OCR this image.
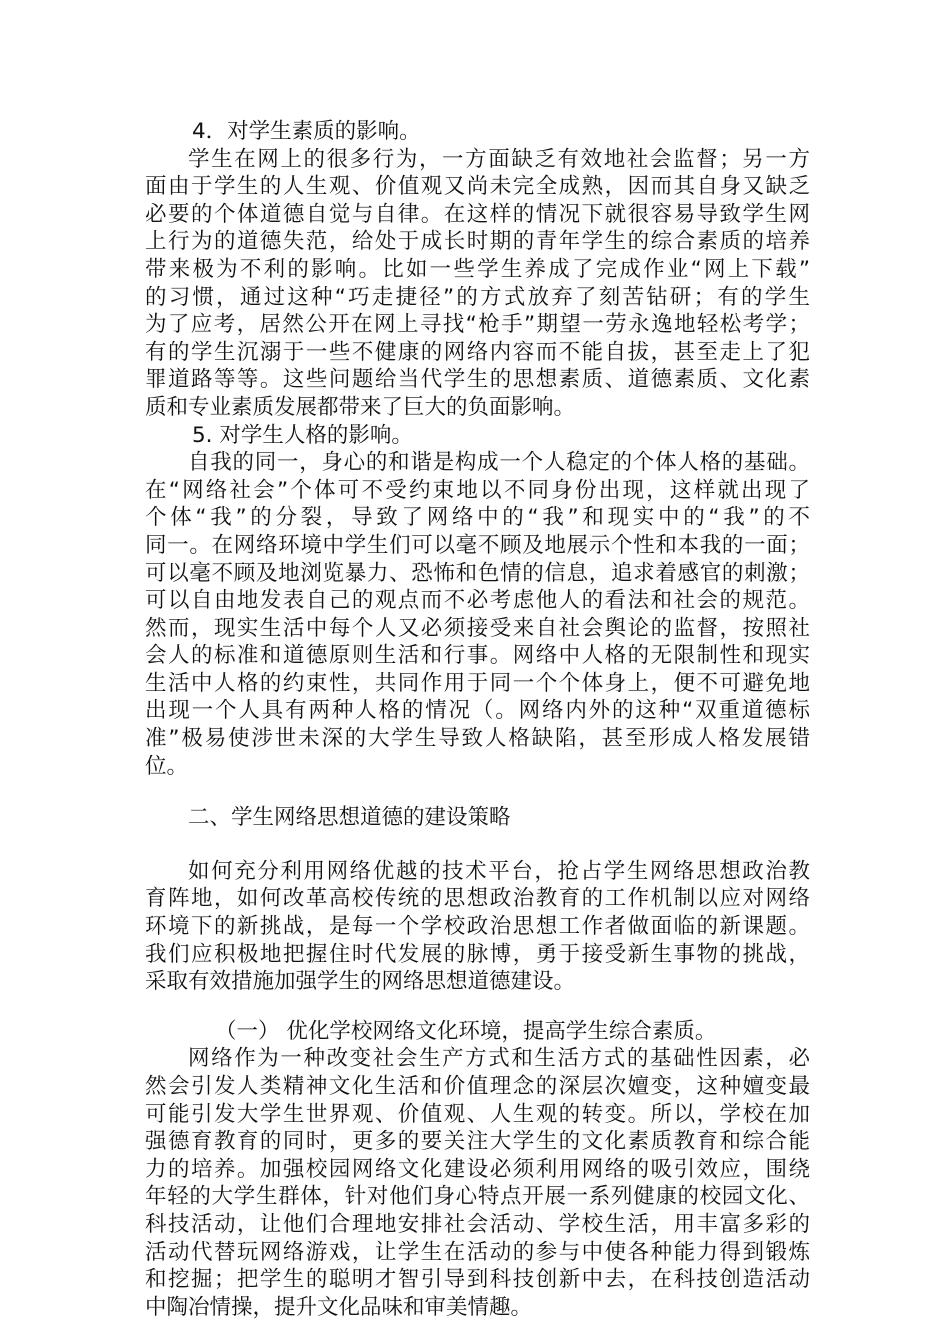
4．对学生素质的影响。
学生在网上的很多行为，一方面缺乏有效地社会监督；另一方
面由于学生的人生观、价值观又尚未完全成熟，因而其自身又缺乏
必要的个体道德自觉与自律。在这样的情况下就很容易导致学生网
上行为的道德失范，给处于成长时期的青年学生的综合素质的培养
带来极为不利的影响。比如一些学生养成了完成作业“网上下载”
的习惯，通过这种“巧走捷径”的方式放弃了刻苦钻研；有的学生
为了应考，居然公开在网上寻找“枪手”期望一劳永逸地轻松考学；
有的学生沉溺于一些不健康的网络内容而不能自拔，甚至走上了犯
罪道路等等。这些问题给当代学生的思想素质、道德素质、文化素
质和专业素质发展都带来了巨大的负面影响。
5. 对学生人格的影响。
自我的同一，身心的和谐是构成一个人稳定的个体人格的基础。
在“网络社会”个体可不受约束地以不同身份出现，这样就出现了
个体“我”的分裂，导致了网络中的“我”和现实中的“我”的不
同一。在网络环境中学生们可以毫不顾及地展示个性和本我的一面；
可以毫不顾及地浏览暴力、恐怖和色情的信息，追求着感官的刺激；
可以自由地发表自己的观点而不必考虑他人的看法和社会的规范。
然而，现实生活中每个人又必须接受来自社会舆论的监督，按照社
会人的标准和道德原则生活和行事。网络中人格的无限制性和现实
生活中人格的约束性，共同作用于同一个个体身上，便不可避免地
出现一个人具有两种人格的情况（。网络内外的这种“双重道德标
准”极易使涉世未深的大学生导致人格缺陷，甚至形成人格发展错
位。
二、学生网络思想道德的建设策略
如何充分利用网络优越的技术平台，抢占学生网络思想政治教
育阵地，如何改革高校传统的思想政治教育的工作机制以应对网络
环境下的新挑战，是每一个学校政治思想工作者做面临的新课题。
我们应积极地把握住时代发展的脉博，勇于接受新生事物的挑战，
采取有效措施加强学生的网络思想道德建设。
（一） 优化学校网络文化环境，提高学生综合素质。
网络作为一种改变社会生产方式和生活方式的基础性因素，必
然会引发人类精神文化生活和价值理念的深层次嬗变，这种嬗变最
可能引发大学生世界观、价值观、人生观的转变。所以，学校在加
强德育教育的同时，更多的要关注大学生的文化素质教育和综合能
力的培养。加强校园网络文化建设必须利用网络的吸引效应，围绕
年轻的大学生群体，针对他们身心特点开展一系列健康的校园文化、
科技活动，让他们合理地安排社会活动、学校生活，用丰富多彩的
活动代替玩网络游戏，让学生在活动的参与中使各种能力得到锻炼
和挖掘；把学生的聪明才智引导到科技创新中去，在科技创造活动
中陶冶情操，提升文化品味和审美情趣。
